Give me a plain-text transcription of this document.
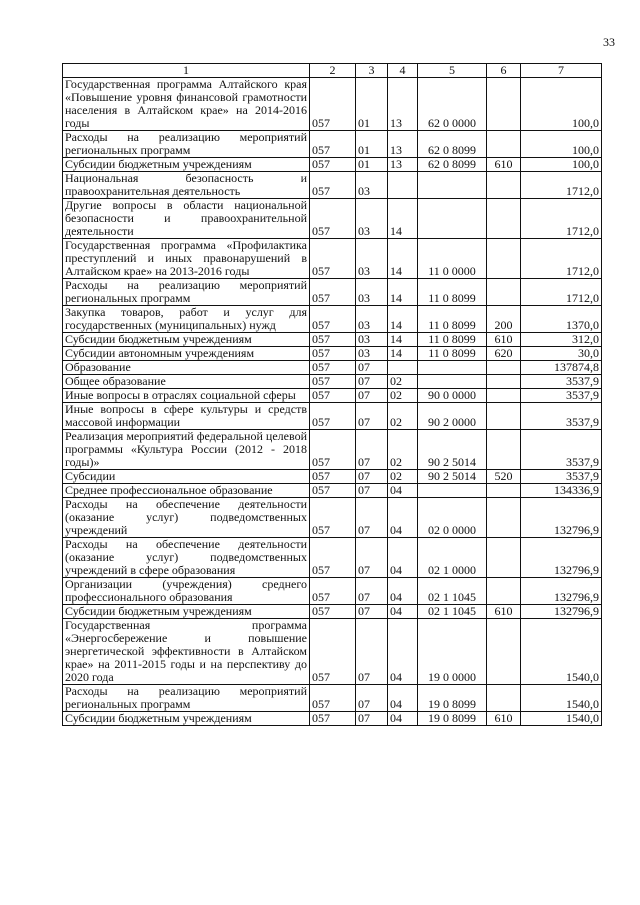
33
1	2	3	4	5	6	7
Государственная программа Алтайского края «Повышение уровня финансовой грамотности населения в Алтайском крае» на 2014-2016 годы	057	01	13	62 0 0000		100,0
Расходы на реализацию мероприятий региональных программ	057	01	13	62 0 8099		100,0
Субсидии бюджетным учреждениям	057	01	13	62 0 8099	610	100,0
Национальная безопасность и правоохранительная деятельность	057	03				1712,0
Другие вопросы в области национальной безопасности и правоохранительной деятельности	057	03	14			1712,0
Государственная программа «Профилактика преступлений и иных правонарушений в Алтайском крае» на 2013-2016 годы	057	03	14	11 0 0000		1712,0
Расходы на реализацию мероприятий региональных программ	057	03	14	11 0 8099		1712,0
Закупка товаров, работ и услуг для государственных (муниципальных) нужд	057	03	14	11 0 8099	200	1370,0
Субсидии бюджетным учреждениям	057	03	14	11 0 8099	610	312,0
Субсидии автономным учреждениям	057	03	14	11 0 8099	620	30,0
Образование	057	07				137874,8
Общее образование	057	07	02			3537,9
Иные вопросы в отраслях социальной сферы	057	07	02	90 0 0000		3537,9
Иные вопросы в сфере культуры и средств массовой информации	057	07	02	90 2 0000		3537,9
Реализация мероприятий федеральной целевой программы «Культура России (2012 - 2018 годы)»	057	07	02	90 2 5014		3537,9
Субсидии	057	07	02	90 2 5014	520	3537,9
Среднее профессиональное образование	057	07	04			134336,9
Расходы на обеспечение деятельности (оказание услуг) подведомственных учреждений	057	07	04	02 0 0000		132796,9
Расходы на обеспечение деятельности (оказание услуг) подведомственных учреждений в сфере образования	057	07	04	02 1 0000		132796,9
Организации (учреждения) среднего профессионального образования	057	07	04	02 1 1045		132796,9
Субсидии бюджетным учреждениям	057	07	04	02 1 1045	610	132796,9
Государственная программа «Энергосбережение и повышение энергетической эффективности в Алтайском крае» на 2011-2015 годы и на перспективу до 2020 года	057	07	04	19 0 0000		1540,0
Расходы на реализацию мероприятий региональных программ	057	07	04	19 0 8099		1540,0
Субсидии бюджетным учреждениям	057	07	04	19 0 8099	610	1540,0
